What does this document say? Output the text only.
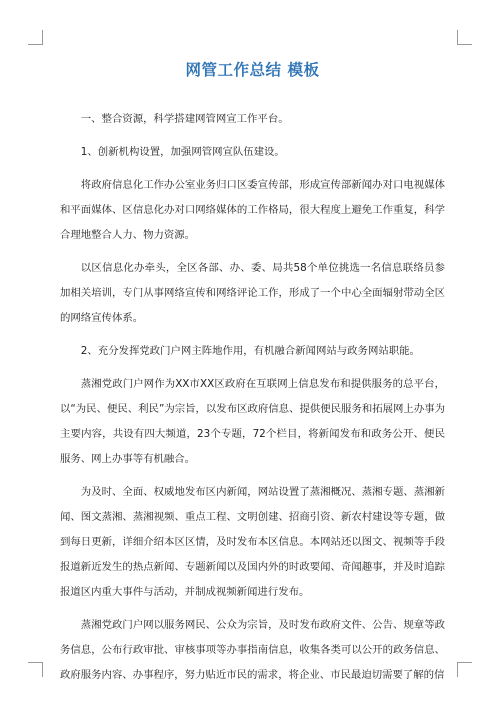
网管工作总结 模板

一、整合资源，科学搭建网管网宣工作平台。

1、创新机构设置，加强网管网宣队伍建设。

将政府信息化工作办公室业务归口区委宣传部，形成宣传部新闻办对口电视媒体和平面媒体、区信息化办对口网络媒体的工作格局，很大程度上避免工作重复，科学合理地整合人力、物力资源。

以区信息化办牵头，全区各部、办、委、局共58个单位挑选一名信息联络员参加相关培训，专门从事网络宣传和网络评论工作，形成了一个中心全面辐射带动全区的网络宣传体系。

2、充分发挥党政门户网主阵地作用，有机融合新闻网站与政务网站职能。

蒸湘党政门户网作为XX市XX区政府在互联网上信息发布和提供服务的总平台，以“为民、便民、利民”为宗旨，以发布区政府信息、提供便民服务和拓展网上办事为主要内容，共设有四大频道，23个专题，72个栏目，将新闻发布和政务公开、便民服务、网上办事等有机融合。

为及时、全面、权威地发布区内新闻，网站设置了蒸湘概况、蒸湘专题、蒸湘新闻、图文蒸湘、蒸湘视频、重点工程、文明创建、招商引资、新农村建设等专题，做到每日更新，详细介绍本区区情，及时发布本区信息。本网站还以图文、视频等手段报道新近发生的热点新闻、专题新闻以及国内外的时政要闻、奇闻趣事，并及时追踪报道区内重大事件与活动，并制成视频新闻进行发布。

蒸湘党政门户网以服务网民、公众为宗旨，及时发布政府文件、公告、规章等政务信息，公布行政审批、审核事项等办事指南信息，收集各类可以公开的政务信息、政府服务内容、办事程序，努力贴近市民的需求，将企业、市民最迫切需要了解的信
